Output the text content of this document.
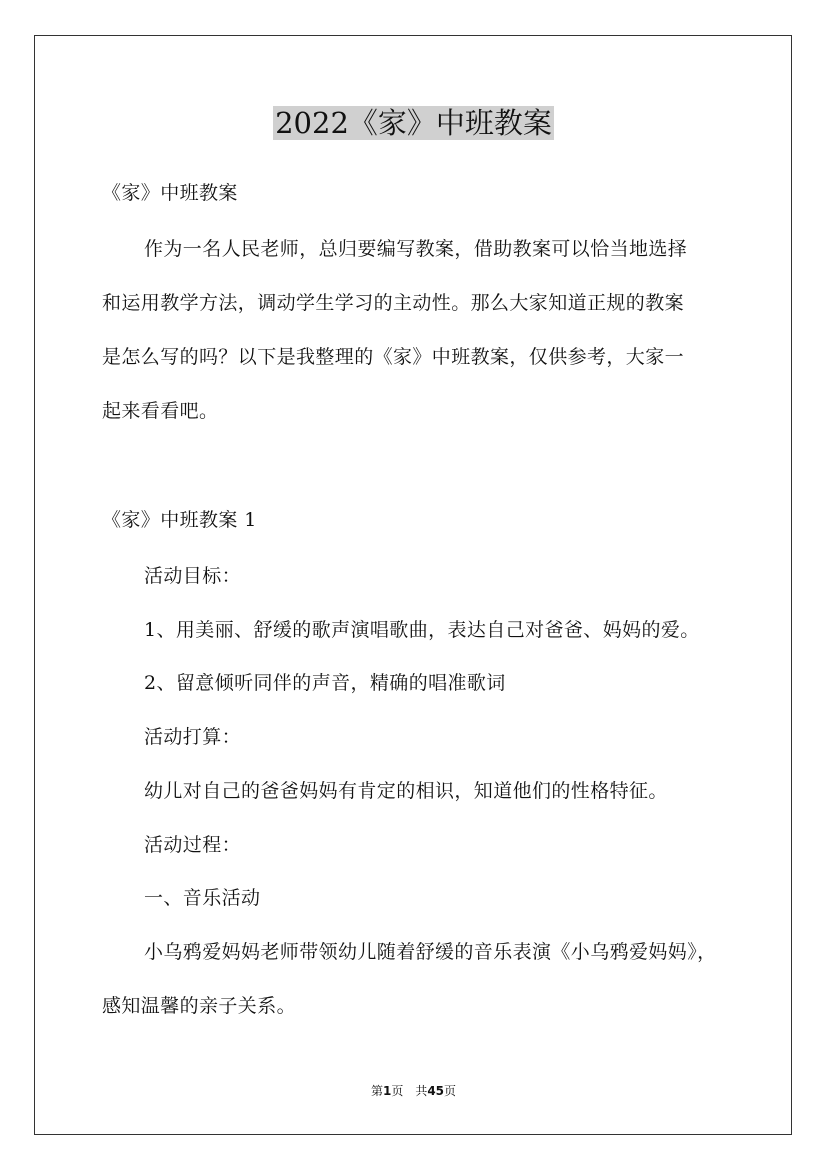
2022《家》中班教案
《家》中班教案
作为一名人民老师，总归要编写教案，借助教案可以恰当地选择
和运用教学方法，调动学生学习的主动性。那么大家知道正规的教案
是怎么写的吗？以下是我整理的《家》中班教案，仅供参考，大家一
起来看看吧。
《家》中班教案 1
活动目标：
1、用美丽、舒缓的歌声演唱歌曲，表达自己对爸爸、妈妈的爱。
2、留意倾听同伴的声音，精确的唱准歌词
活动打算：
幼儿对自己的爸爸妈妈有肯定的相识，知道他们的性格特征。
活动过程：
一、音乐活动
小乌鸦爱妈妈老师带领幼儿随着舒缓的音乐表演《小乌鸦爱妈妈》，
感知温馨的亲子关系。
第1页　共45页
